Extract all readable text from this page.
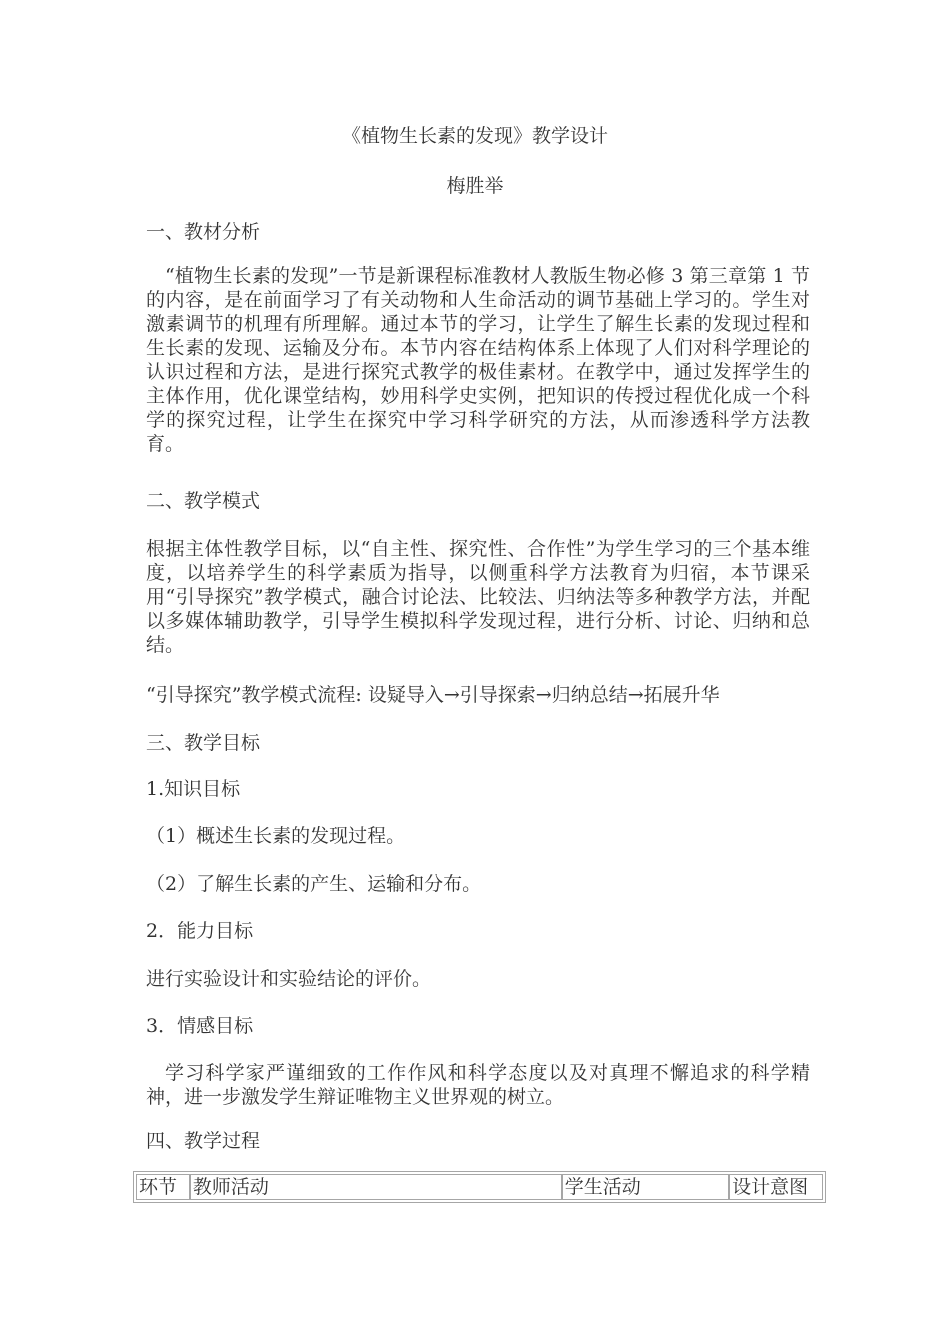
《植物生长素的发现》教学设计

梅胜举

一、教材分析

“植物生长素的发现”一节是新课程标准教材人教版生物必修 3 第三章第 1 节的内容，是在前面学习了有关动物和人生命活动的调节基础上学习的。学生对激素调节的机理有所理解。通过本节的学习，让学生了解生长素的发现过程和生长素的发现、运输及分布。本节内容在结构体系上体现了人们对科学理论的认识过程和方法，是进行探究式教学的极佳素材。在教学中，通过发挥学生的主体作用，优化课堂结构，妙用科学史实例，把知识的传授过程优化成一个科学的探究过程，让学生在探究中学习科学研究的方法，从而渗透科学方法教育。

二、教学模式

根据主体性教学目标，以“自主性、探究性、合作性”为学生学习的三个基本维度，以培养学生的科学素质为指导，以侧重科学方法教育为归宿，本节课采用“引导探究”教学模式，融合讨论法、比较法、归纳法等多种教学方法，并配以多媒体辅助教学，引导学生模拟科学发现过程，进行分析、讨论、归纳和总结。

“引导探究”教学模式流程: 设疑导入→引导探索→归纳总结→拓展升华

三、教学目标

1.知识目标

（1）概述生长素的发现过程。

（2）了解生长素的产生、运输和分布。

2．能力目标

进行实验设计和实验结论的评价。

3．情感目标

学习科学家严谨细致的工作作风和科学态度以及对真理不懈追求的科学精神，进一步激发学生辩证唯物主义世界观的树立。

四、教学过程

环节	教师活动	学生活动	设计意图
